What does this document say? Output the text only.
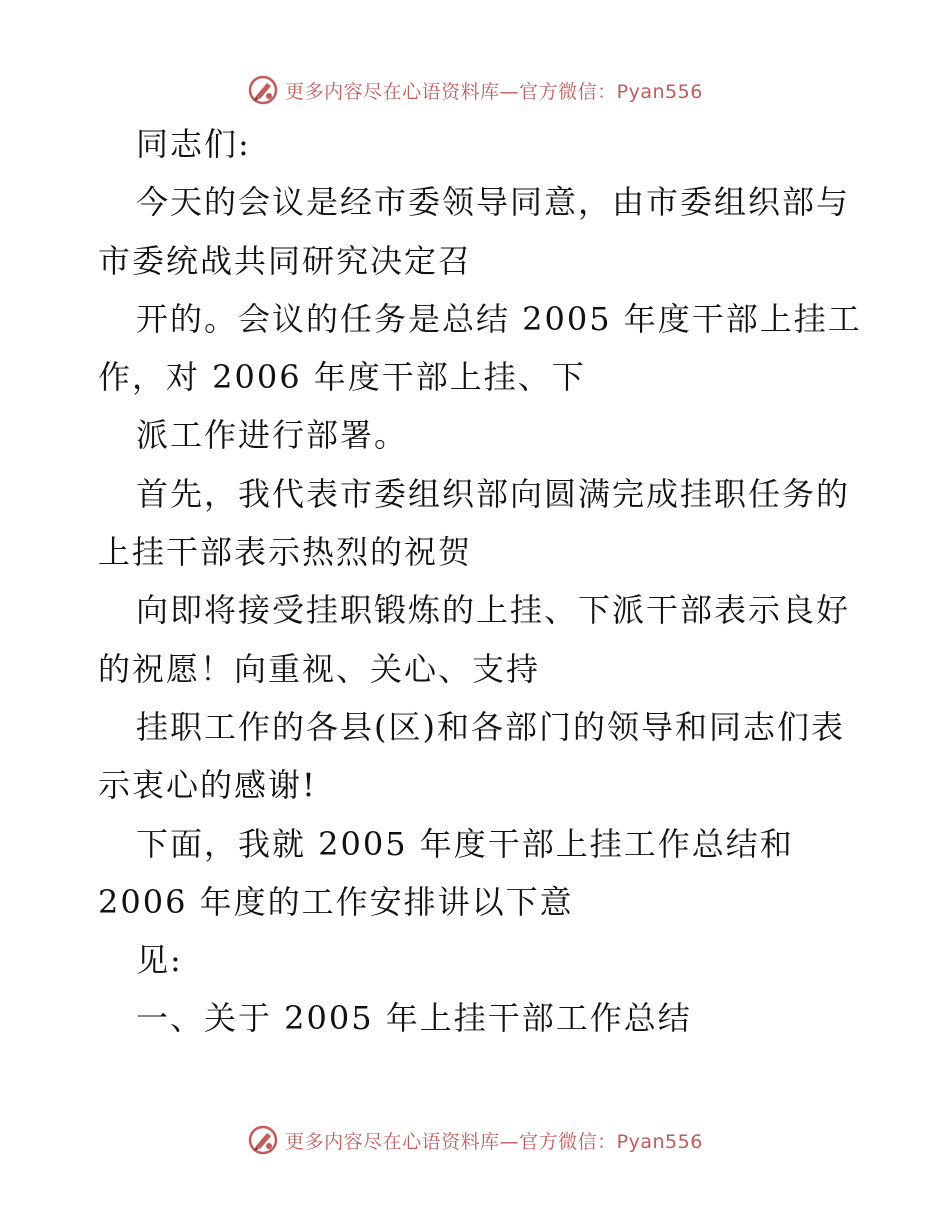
更多内容尽在心语资料库—官方微信：Pyan556
同志们:
今天的会议是经市委领导同意，由市委组织部与
市委统战共同研究决定召
开的。会议的任务是总结 2005 年度干部上挂工
作，对 2006 年度干部上挂、下
派工作进行部署。
首先，我代表市委组织部向圆满完成挂职任务的
上挂干部表示热烈的祝贺
向即将接受挂职锻炼的上挂、下派干部表示良好
的祝愿！向重视、关心、支持
挂职工作的各县(区)和各部门的领导和同志们表
示衷心的感谢!
下面，我就 2005 年度干部上挂工作总结和
2006 年度的工作安排讲以下意
见:
一、关于 2005 年上挂干部工作总结
更多内容尽在心语资料库—官方微信：Pyan556
